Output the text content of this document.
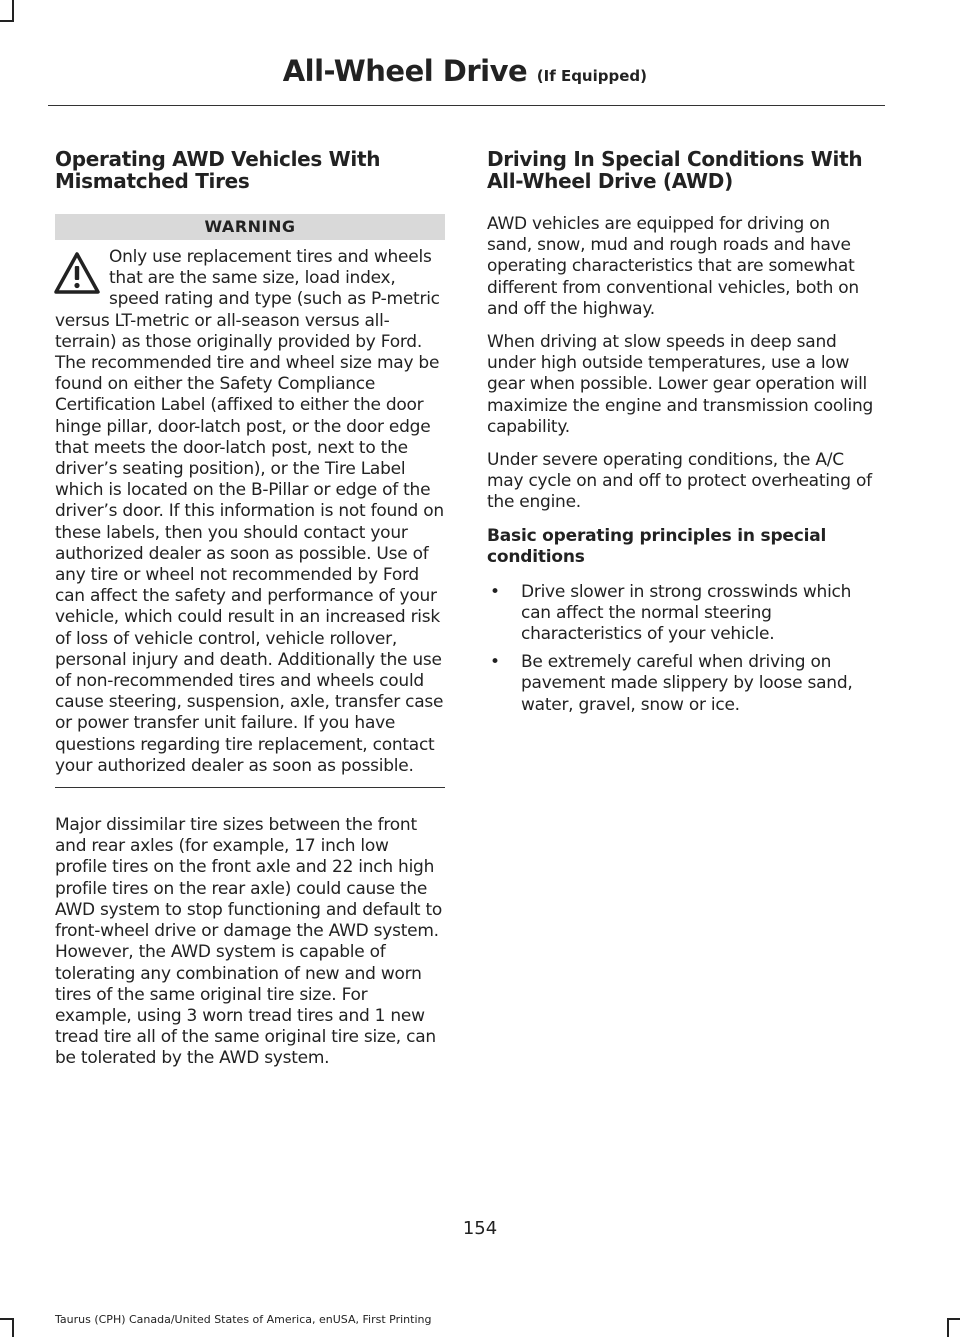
All-Wheel Drive (If Equipped)
Operating AWD Vehicles With Mismatched Tires
WARNING

Only use replacement tires and wheels that are the same size, load index, speed rating and type (such as P-metric versus LT-metric or all-season versus all-terrain) as those originally provided by Ford. The recommended tire and wheel size may be found on either the Safety Compliance Certification Label (affixed to either the door hinge pillar, door-latch post, or the door edge that meets the door-latch post, next to the driver’s seating position), or the Tire Label which is located on the B-Pillar or edge of the driver’s door. If this information is not found on these labels, then you should contact your authorized dealer as soon as possible. Use of any tire or wheel not recommended by Ford can affect the safety and performance of your vehicle, which could result in an increased risk of loss of vehicle control, vehicle rollover, personal injury and death. Additionally the use of non-recommended tires and wheels could cause steering, suspension, axle, transfer case or power transfer unit failure. If you have questions regarding tire replacement, contact your authorized dealer as soon as possible.

Major dissimilar tire sizes between the front and rear axles (for example, 17 inch low profile tires on the front axle and 22 inch high profile tires on the rear axle) could cause the AWD system to stop functioning and default to front-wheel drive or damage the AWD system. However, the AWD system is capable of tolerating any combination of new and worn tires of the same original tire size. For example, using 3 worn tread tires and 1 new tread tire all of the same original tire size, can be tolerated by the AWD system.

Driving In Special Conditions With All-Wheel Drive (AWD)

AWD vehicles are equipped for driving on sand, snow, mud and rough roads and have operating characteristics that are somewhat different from conventional vehicles, both on and off the highway.

When driving at slow speeds in deep sand under high outside temperatures, use a low gear when possible. Lower gear operation will maximize the engine and transmission cooling capability.

Under severe operating conditions, the A/C may cycle on and off to protect overheating of the engine.

Basic operating principles in special conditions
• Drive slower in strong crosswinds which can affect the normal steering characteristics of your vehicle.
• Be extremely careful when driving on pavement made slippery by loose sand, water, gravel, snow or ice.
154
Taurus (CPH) Canada/United States of America, enUSA, First Printing
